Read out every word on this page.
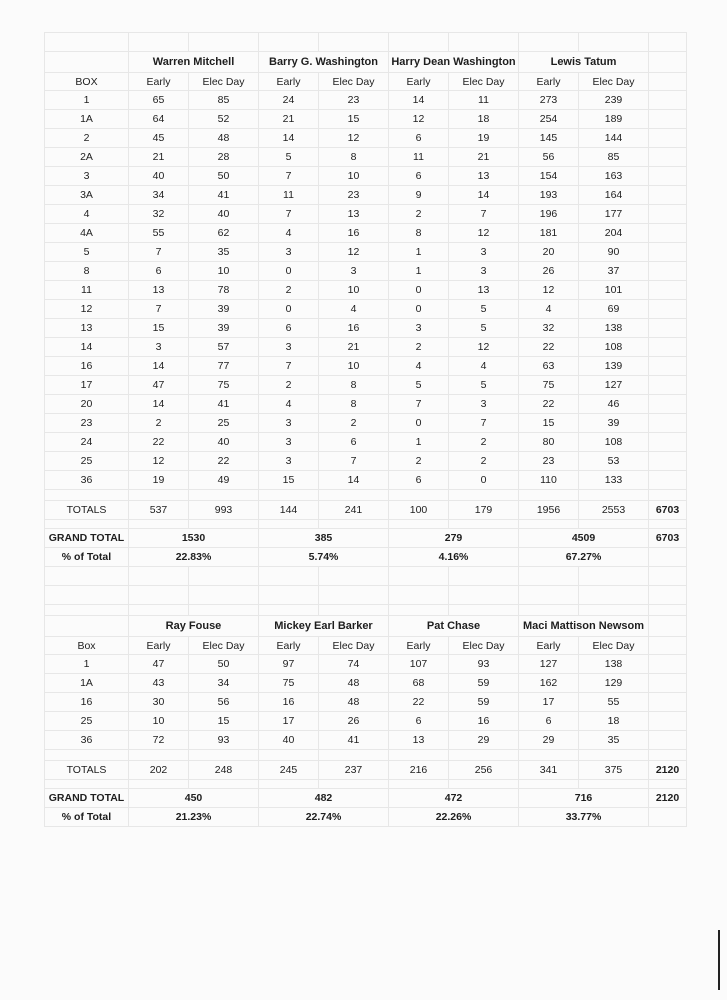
	Warren Mitchell		Barry G. Washington		Harry Dean Washington		Lewis Tatum		
BOX	Early	Elec Day	Early	Elec Day	Early	Elec Day	Early	Elec Day	
1	65	85	24	23	14	11	273	239	
1A	64	52	21	15	12	18	254	189	
2	45	48	14	12	6	19	145	144	
2A	21	28	5	8	11	21	56	85	
3	40	50	7	10	6	13	154	163	
3A	34	41	11	23	9	14	193	164	
4	32	40	7	13	2	7	196	177	
4A	55	62	4	16	8	12	181	204	
5	7	35	3	12	1	3	20	90	
8	6	10	0	3	1	3	26	37	
11	13	78	2	10	0	13	12	101	
12	7	39	0	4	0	5	4	69	
13	15	39	6	16	3	5	32	138	
14	3	57	3	21	2	12	22	108	
16	14	77	7	10	4	4	63	139	
17	47	75	2	8	5	5	75	127	
20	14	41	4	8	7	3	22	46	
23	2	25	3	2	0	7	15	39	
24	22	40	3	6	1	2	80	108	
25	12	22	3	7	2	2	23	53	
36	19	49	15	14	6	0	110	133	

TOTALS	537	993	144	241	100	179	1956	2553	6703

GRAND TOTAL	1530		385		279		4509		6703
% of Total	22.83%		5.74%		4.16%		67.27%		

	Ray Fouse		Mickey Earl Barker		Pat Chase		Maci Mattison Newsom		
Box	Early	Elec Day	Early	Elec Day	Early	Elec Day	Early	Elec Day	
1	47	50	97	74	107	93	127	138	
1A	43	34	75	48	68	59	162	129	
16	30	56	16	48	22	59	17	55	
25	10	15	17	26	6	16	6	18	
36	72	93	40	41	13	29	29	35	

TOTALS	202	248	245	237	216	256	341	375	2120

GRAND TOTAL	450		482		472		716		2120
% of Total	21.23%		22.74%		22.26%		33.77%		
